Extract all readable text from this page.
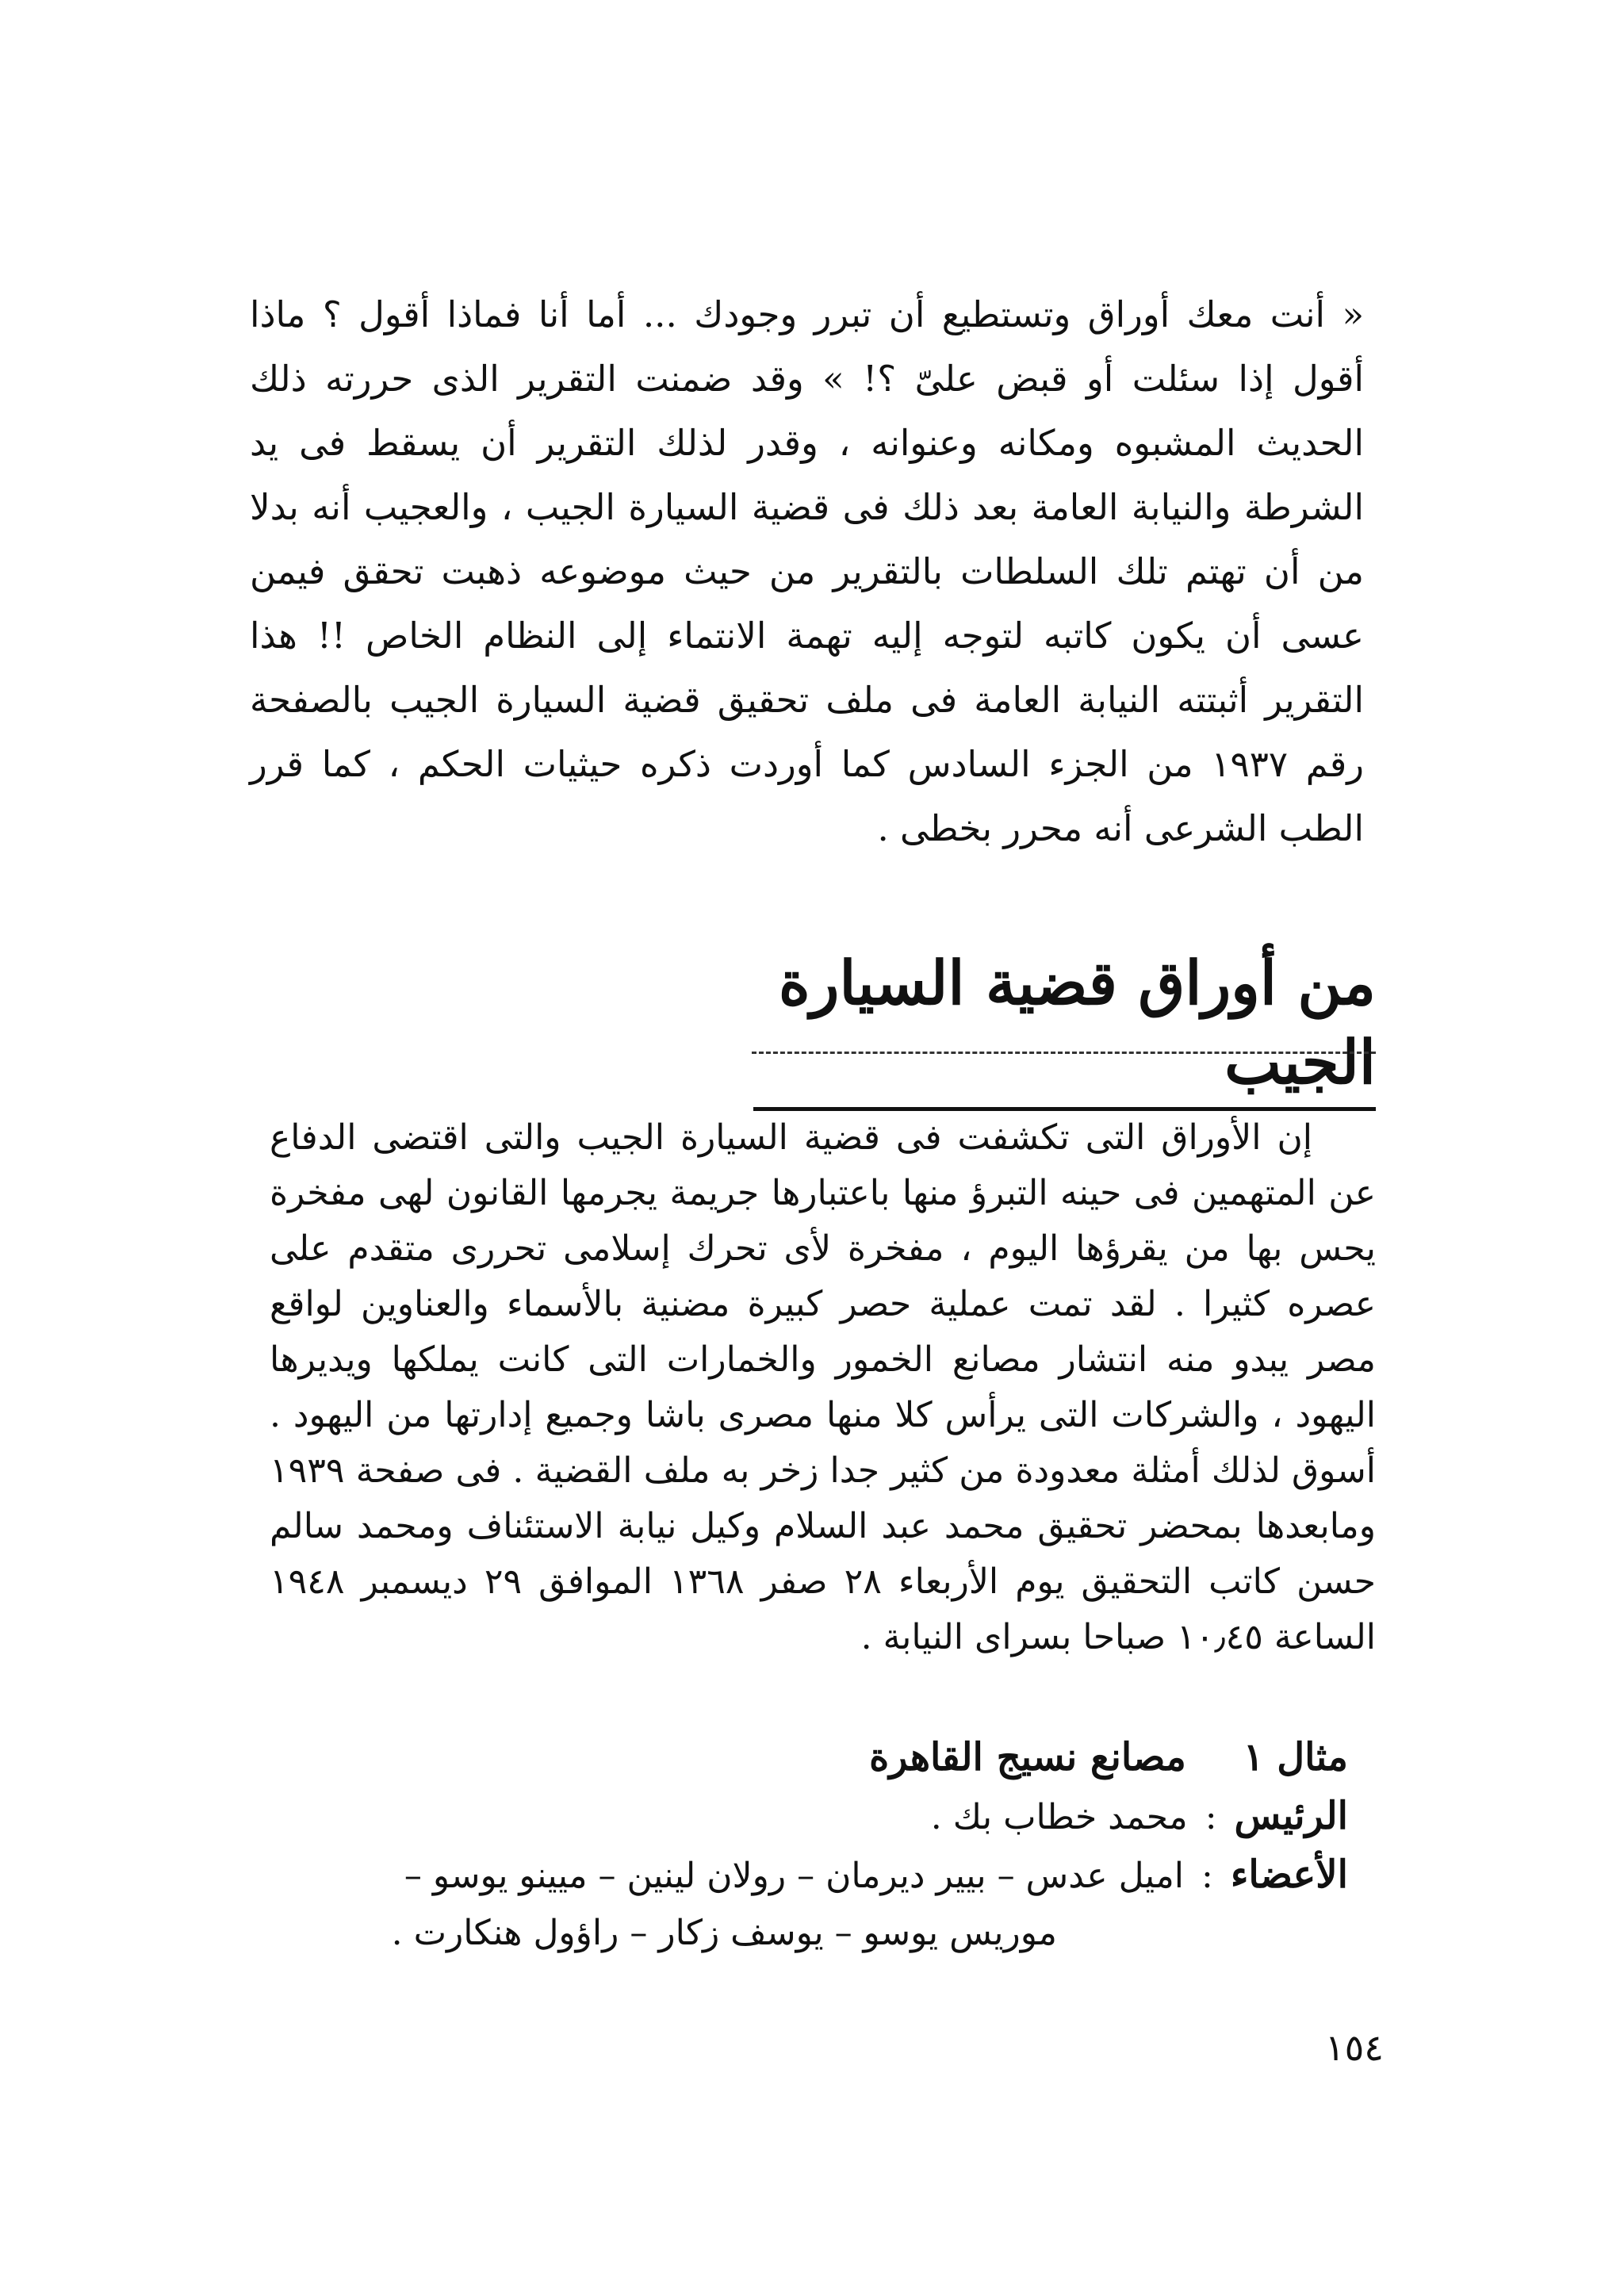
« أنت معك أوراق وتستطيع أن تبرر وجودك ... أما أنا فماذا أقول ؟ ماذا أقول إذا سئلت أو قبض علىّ ؟! » وقد ضمنت التقرير الذى حررته ذلك الحديث المشبوه ومكانه وعنوانه ، وقدر لذلك التقرير أن يسقط فى يد الشرطة والنيابة العامة بعد ذلك فى قضية السيارة الجيب ، والعجيب أنه بدلا من أن تهتم تلك السلطات بالتقرير من حيث موضوعه ذهبت تحقق فيمن عسى أن يكون كاتبه لتوجه إليه تهمة الانتماء إلى النظام الخاص !! هذا التقرير أثبتته النيابة العامة فى ملف تحقيق قضية السيارة الجيب بالصفحة رقم ١٩٣٧ من الجزء السادس كما أوردت ذكره حيثيات الحكم ، كما قرر الطب الشرعى أنه محرر بخطى .

من أوراق قضية السيارة الجيب

إن الأوراق التى تكشفت فى قضية السيارة الجيب والتى اقتضى الدفاع عن المتهمين فى حينه التبرؤ منها باعتبارها جريمة يجرمها القانون لهى مفخرة يحس بها من يقرؤها اليوم ، مفخرة لأى تحرك إسلامى تحررى متقدم على عصره كثيرا . لقد تمت عملية حصر كبيرة مضنية بالأسماء والعناوين لواقع مصر يبدو منه انتشار مصانع الخمور والخمارات التى كانت يملكها ويديرها اليهود ، والشركات التى يرأس كلا منها مصرى باشا وجميع إدارتها من اليهود . أسوق لذلك أمثلة معدودة من كثير جدا زخر به ملف القضية . فى صفحة ١٩٣٩ ومابعدها بمحضر تحقيق محمد عبد السلام وكيل نيابة الاستئناف ومحمد سالم حسن كاتب التحقيق يوم الأربعاء ٢٨ صفر ١٣٦٨ الموافق ٢٩ ديسمبر ١٩٤٨ الساعة ١٠٫٤٥ صباحا بسراى النيابة .

مثال ١

مصانع نسيج القاهرة
الرئيس
:
محمد خطاب بك .
الأعضاء
:
اميل عدس – بيير ديرمان – رولان لينين – ميينو يوسو –
موريس يوسو – يوسف زكار – راؤول هنكارت .
١٥٤
